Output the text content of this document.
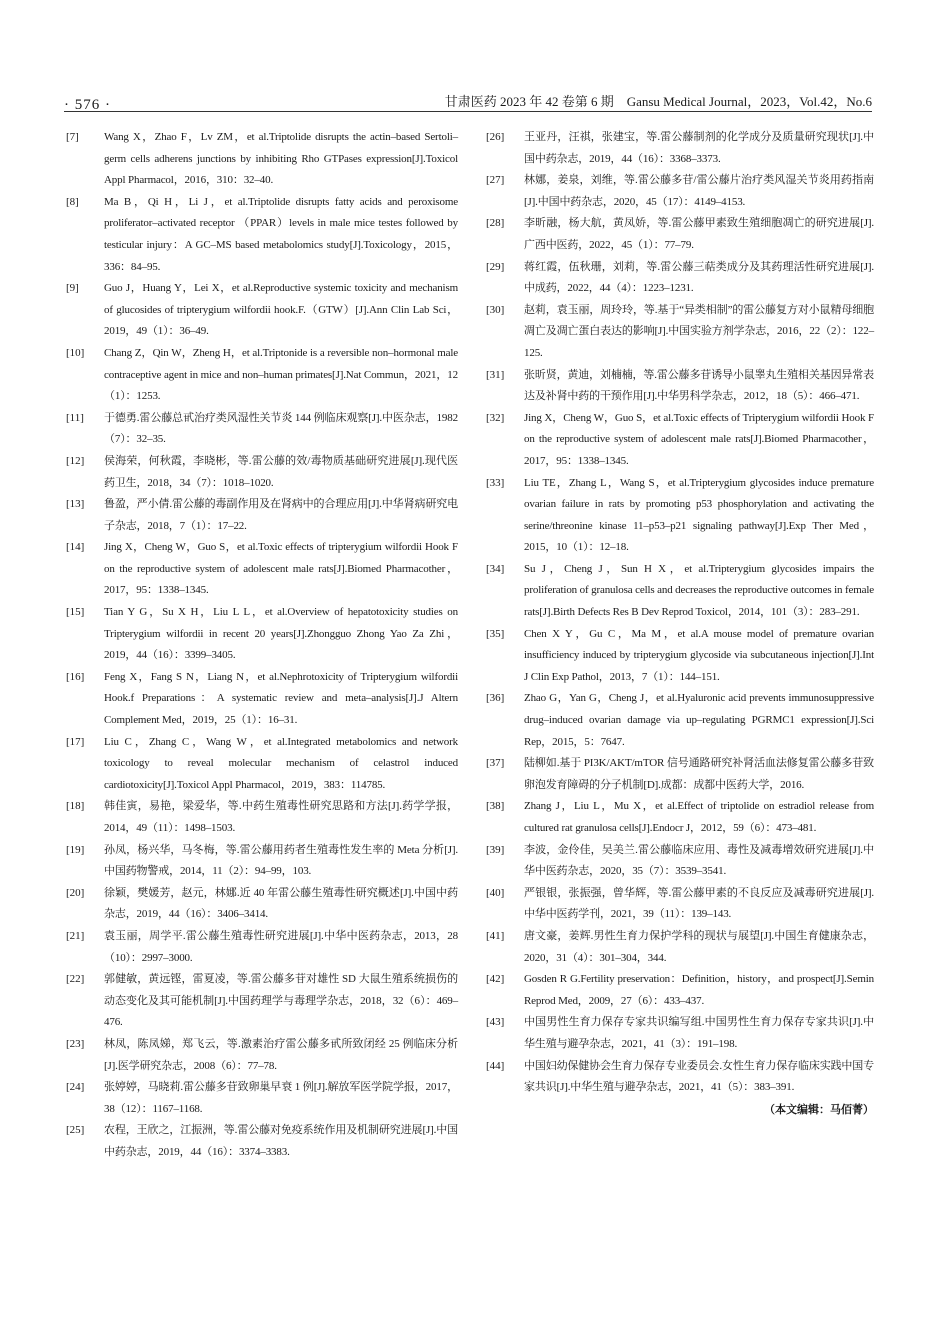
· 576 ·	甘肃医药 2023 年 42 卷第 6 期　Gansu Medical Journal，2023，Vol.42，No.6
[7]	Wang X，Zhao F，Lv ZM，et al.Triptolide disrupts the actin–based Sertoli–germ cells adherens junctions by inhibiting Rho GTPases expression[J].Toxicol Appl Pharmacol，2016，310：32–40.
[8]	Ma B，Qi H，Li J，et al.Triptolide disrupts fatty acids and peroxisome proliferator–activated receptor （PPAR）levels in male mice testes followed by testicular injury：A GC–MS based metabolomics study[J].Toxicology，2015，336：84–95.
[9]	Guo J，Huang Y，Lei X，et al.Reproductive systemic toxicity and mechanism of glucosides of tripterygium wilfordii hook.F.（GTW）[J].Ann Clin Lab Sci，2019，49（1）：36–49.
[10]	Chang Z，Qin W，Zheng H，et al.Triptonide is a reversible non–hormonal male contraceptive agent in mice and non–human primates[J].Nat Commun，2021，12（1）：1253.
[11]	于德勇.雷公藤总甙治疗类风湿性关节炎 144 例临床观察[J].中医杂志，1982（7）：32–35.
[12]	侯海荣，何秋霞，李晓彬，等.雷公藤的效/毒物质基础研究进展[J].现代医药卫生，2018，34（7）：1018–1020.
[13]	鲁盈，严小倩.雷公藤的毒副作用及在肾病中的合理应用[J].中华肾病研究电子杂志，2018，7（1）：17–22.
[14]	Jing X，Cheng W，Guo S，et al.Toxic effects of tripterygium wilfordii Hook F on the reproductive system of adolescent male rats[J].Biomed Pharmacother，2017，95：1338–1345.
[15]	Tian Y G，Su X H，Liu L L，et al.Overview of hepatotoxicity studies on Tripterygium wilfordii in recent 20 years[J].Zhongguo Zhong Yao Za Zhi，2019，44（16）：3399–3405.
[16]	Feng X，Fang S N，Liang N，et al.Nephrotoxicity of Tripterygium wilfordii Hook.f Preparations：A systematic review and meta–analysis[J].J Altern Complement Med，2019，25（1）：16–31.
[17]	Liu C，Zhang C，Wang W，et al.Integrated metabolomics and network toxicology to reveal molecular mechanism of celastrol induced cardiotoxicity[J].Toxicol Appl Pharmacol，2019，383：114785.
[18]	韩佳寅，易艳，梁爱华，等.中药生殖毒性研究思路和方法[J].药学学报，2014，49（11）：1498–1503.
[19]	孙凤，杨兴华，马冬梅，等.雷公藤用药者生殖毒性发生率的 Meta 分析[J].中国药物警戒，2014，11（2）：94–99，103.
[20]	徐颖，樊媛芳，赵元，林娜.近 40 年雷公藤生殖毒性研究概述[J].中国中药杂志，2019，44（16）：3406–3414.
[21]	袁玉丽，周学平.雷公藤生殖毒性研究进展[J].中华中医药杂志，2013，28（10）：2997–3000.
[22]	郭健敏，黄远铿，雷夏凌，等.雷公藤多苷对雄性 SD 大鼠生殖系统损伤的动态变化及其可能机制[J].中国药理学与毒理学杂志，2018，32（6）：469–476.
[23]	林凤，陈凤娣，郑飞云，等.激素治疗雷公藤多甙所致闭经 25 例临床分析[J].医学研究杂志，2008（6）：77–78.
[24]	张婷婷，马晓莉.雷公藤多苷致卵巢早衰 1 例[J].解放军医学院学报，2017，38（12）：1167–1168.
[25]	农程，王欣之，江振洲，等.雷公藤对免疫系统作用及机制研究进展[J].中国中药杂志，2019，44（16）：3374–3383.
[26]	王亚丹，汪祺，张建宝，等.雷公藤制剂的化学成分及质量研究现状[J].中国中药杂志，2019，44（16）：3368–3373.
[27]	林娜，姜泉，刘维，等.雷公藤多苷/雷公藤片治疗类风湿关节炎用药指南[J].中国中药杂志，2020，45（17）：4149–4153.
[28]	李昕融，杨大航，黄凤娇，等.雷公藤甲素致生殖细胞凋亡的研究进展[J].广西中医药，2022，45（1）：77–79.
[29]	蒋红霞，伍秋珊，刘莉，等.雷公藤三萜类成分及其药理活性研究进展[J].中成药，2022，44（4）：1223–1231.
[30]	赵莉，袁玉丽，周玲玲，等.基于“异类相制”的雷公藤复方对小鼠精母细胞凋亡及凋亡蛋白表达的影响[J].中国实验方剂学杂志，2016，22（2）：122–125.
[31]	张昕贤，黄迪，刘楠楠，等.雷公藤多苷诱导小鼠睾丸生殖相关基因异常表达及补肾中药的干预作用[J].中华男科学杂志，2012，18（5）：466–471.
[32]	Jing X，Cheng W，Guo S，et al.Toxic effects of Tripterygium wilfordii Hook F on the reproductive system of adolescent male rats[J].Biomed Pharmacother，2017，95：1338–1345.
[33]	Liu TE，Zhang L，Wang S，et al.Tripterygium glycosides induce premature ovarian failure in rats by promoting p53 phosphorylation and activating the serine/threonine kinase 11–p53–p21 signaling pathway[J].Exp Ther Med，2015，10（1）：12–18.
[34]	Su J，Cheng J，Sun H X，et al.Tripterygium glycosides impairs the proliferation of granulosa cells and decreases the reproductive outcomes in female rats[J].Birth Defects Res B Dev Reprod Toxicol，2014，101（3）：283–291.
[35]	Chen X Y，Gu C，Ma M，et al.A mouse model of premature ovarian insufficiency induced by tripterygium glycoside via subcutaneous injection[J].Int J Clin Exp Pathol，2013，7（1）：144–151.
[36]	Zhao G，Yan G，Cheng J，et al.Hyaluronic acid prevents immunosuppressive drug–induced ovarian damage via up–regulating PGRMC1 expression[J].Sci Rep，2015，5：7647.
[37]	陆柳如.基于 PI3K/AKT/mTOR 信号通路研究补肾活血法修复雷公藤多苷致卵泡发育障碍的分子机制[D].成都：成都中医药大学，2016.
[38]	Zhang J，Liu L，Mu X，et al.Effect of triptolide on estradiol release from cultured rat granulosa cells[J].Endocr J，2012，59（6）：473–481.
[39]	李波，金伶佳，吴美兰.雷公藤临床应用、毒性及减毒增效研究进展[J].中华中医药杂志，2020，35（7）：3539–3541.
[40]	严银银，张振强，曾华辉，等.雷公藤甲素的不良反应及减毒研究进展[J].中华中医药学刊，2021，39（11）：139–143.
[41]	唐文豪，姜辉.男性生育力保护学科的现状与展望[J].中国生育健康杂志，2020，31（4）：301–304，344.
[42]	Gosden R G.Fertility preservation：Definition，history，and prospect[J].Semin Reprod Med，2009，27（6）：433–437.
[43]	中国男性生育力保存专家共识编写组.中国男性生育力保存专家共识[J].中华生殖与避孕杂志，2021，41（3）：191–198.
[44]	中国妇幼保健协会生育力保存专业委员会.女性生育力保存临床实践中国专家共识[J].中华生殖与避孕杂志，2021，41（5）：383–391.
（本文编辑：马佰菁）
